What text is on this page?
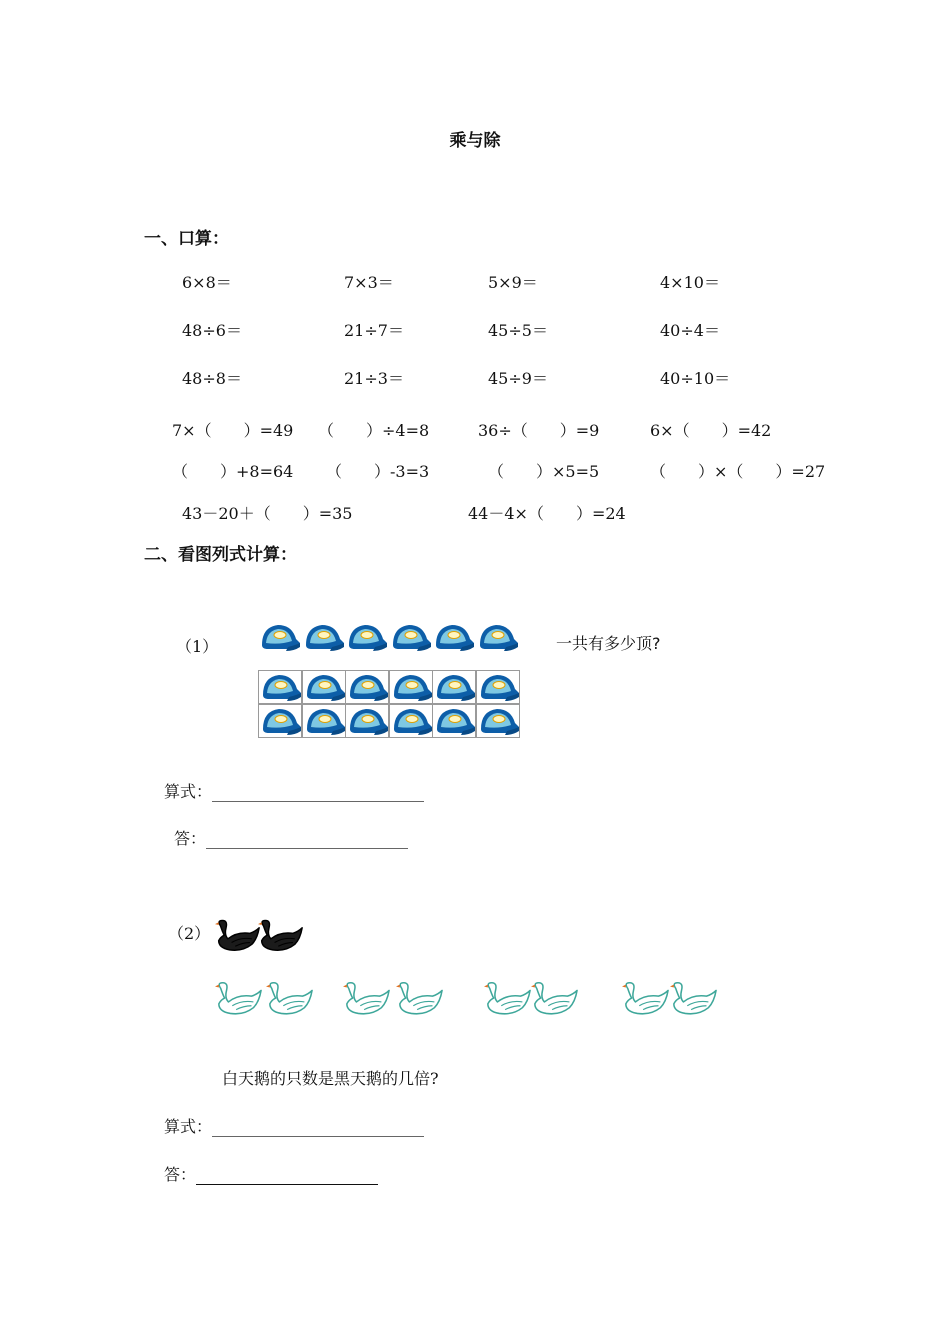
乘与除
一、口算：
6×8＝	7×3＝	5×9＝	4×10＝
48÷6＝	21÷7＝	45÷5＝	40÷4＝
48÷8＝	21÷3＝	45÷9＝	40÷10＝
7×（　　）=49 （　　）÷4=8	36÷（　　）=9	6×（　　）=42
（　　）+8=64 （　　）-3=3	（　　）×5=5	（　　）×（　　）=27
43－20＋（　　）=35	44－4×（　　）=24
二、看图列式计算：
（1）	一共有多少顶?
算式：
答：
（2）
白天鹅的只数是黑天鹅的几倍?
算式：
答：
